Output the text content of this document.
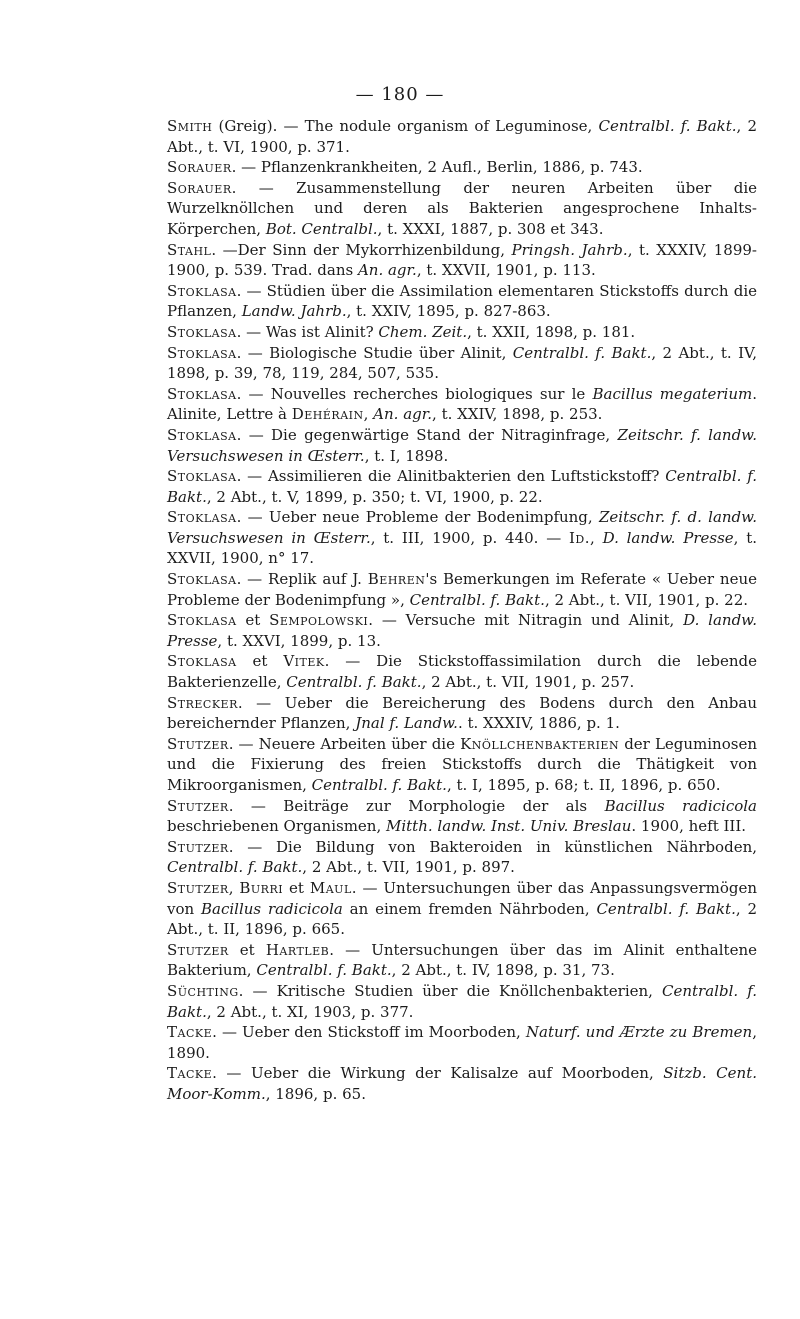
— 180 —
Smith (Greig). — The nodule organism of Leguminose, Centralbl. f. Bakt., 2 Abt., t. VI, 1900, p. 371.
Sorauer. — Pflanzenkrankheiten, 2 Aufl., Berlin, 1886, p. 743.
Sorauer. — Zusammenstellung der neuren Arbeiten über die Wurzelknöllchen und deren als Bakterien angesprochene Inhalts-Körperchen, Bot. Centralbl., t. XXXI, 1887, p. 308 et 343.
Stahl. —Der Sinn der Mykorrhizenbildung, Pringsh. Jahrb., t. XXXIV, 1899-1900, p. 539. Trad. dans An. agr., t. XXVII, 1901, p. 113.
Stoklasa. — Stüdien über die Assimilation elementaren Stickstoffs durch die Pflanzen, Landw. Jahrb., t. XXIV, 1895, p. 827-863.
Stoklasa. — Was ist Alinit? Chem. Zeit., t. XXII, 1898, p. 181.
Stoklasa. — Biologische Studie über Alinit, Centralbl. f. Bakt., 2 Abt., t. IV, 1898, p. 39, 78, 119, 284, 507, 535.
Stoklasa. — Nouvelles recherches biologiques sur le Bacillus megaterium. Alinite, Lettre à Dehérain, An. agr., t. XXIV, 1898, p. 253.
Stoklasa. — Die gegenwärtige Stand der Nitraginfrage, Zeitschr. f. landw. Versuchswesen in Œsterr., t. I, 1898.
Stoklasa. — Assimilieren die Alinitbakterien den Luftstickstoff? Centralbl. f. Bakt., 2 Abt., t. V, 1899, p. 350; t. VI, 1900, p. 22.
Stoklasa. — Ueber neue Probleme der Bodenimpfung, Zeitschr. f. d. landw. Versuchswesen in Œsterr., t. III, 1900, p. 440. — Id., D. landw. Presse, t. XXVII, 1900, n° 17.
Stoklasa. — Replik auf J. Behren's Bemerkungen im Referate « Ueber neue Probleme der Bodenimpfung », Centralbl. f. Bakt., 2 Abt., t. VII, 1901, p. 22.
Stoklasa et Sempolowski. — Versuche mit Nitragin und Alinit, D. landw. Presse, t. XXVI, 1899, p. 13.
Stoklasa et Vitek. — Die Stickstoffassimilation durch die lebende Bakterienzelle, Centralbl. f. Bakt., 2 Abt., t. VII, 1901, p. 257.
Strecker. — Ueber die Bereicherung des Bodens durch den Anbau bereichernder Pflanzen, Jnal f. Landw.. t. XXXIV, 1886, p. 1.
Stutzer. — Neuere Arbeiten über die Knöllchenbakterien der Leguminosen und die Fixierung des freien Stickstoffs durch die Thätigkeit von Mikroorganismen, Centralbl. f. Bakt., t. I, 1895, p. 68; t. II, 1896, p. 650.
Stutzer. — Beiträge zur Morphologie der als Bacillus radicicola beschriebenen Organismen, Mitth. landw. Inst. Univ. Breslau. 1900, heft III.
Stutzer. — Die Bildung von Bakteroiden in künstlichen Nährboden, Centralbl. f. Bakt., 2 Abt., t. VII, 1901, p. 897.
Stutzer, Burri et Maul. — Untersuchungen über das Anpassungsvermögen von Bacillus radicicola an einem fremden Nährboden, Centralbl. f. Bakt., 2 Abt., t. II, 1896, p. 665.
Stutzer et Hartleb. — Untersuchungen über das im Alinit enthaltene Bakterium, Centralbl. f. Bakt., 2 Abt., t. IV, 1898, p. 31, 73.
Süchting. — Kritische Studien über die Knöllchenbakterien, Centralbl. f. Bakt., 2 Abt., t. XI, 1903, p. 377.
Tacke. — Ueber den Stickstoff im Moorboden, Naturf. und Ærzte zu Bremen, 1890.
Tacke. — Ueber die Wirkung der Kalisalze auf Moorboden, Sitzb. Cent. Moor-Komm., 1896, p. 65.
